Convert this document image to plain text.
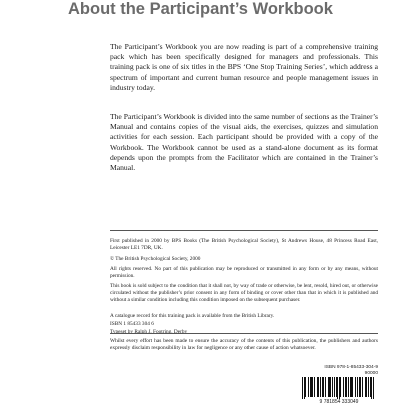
About the Participant’s Workbook

The Participant’s Workbook you are now reading is part of a comprehensive training pack which has been specifically designed for managers and professionals. This training pack is one of six titles in the BPS ‘One Stop Training Series’, which address a spectrum of important and current human resource and people management issues in industry today.

The Participant’s Workbook is divided into the same number of sections as the Trainer’s Manual and contains copies of the visual aids, the exercises, quizzes and simulation activities for each session. Each participant should be provided with a copy of the Workbook. The Workbook cannot be used as a stand-alone document as its format depends upon the prompts from the Facilitator which are contained in the Trainer’s Manual.

First published in 2000 by BPS Books (The British Psychological Society), St Andrews House, 48 Princess Road East, Leicester LE1 7DR, UK.

© The British Psychological Society, 2000

All rights reserved. No part of this publication may be reproduced or transmitted in any form or by any means, without permission.

This book is sold subject to the condition that it shall not, by way of trade or otherwise, be lent, resold, hired out, or otherwise circulated without the publisher’s prior consent in any form of binding or cover other than that in which it is published and without a similar condition including this condition imposed on the subsequent purchaser.

A catalogue record for this training pack is available from the British Library.

ISBN 1 85433 304 6

Typeset by Ralph J. Footring, Derby

Whilst every effort has been made to ensure the accuracy of the contents of this publication, the publishers and authors expressly disclaim responsibility in law for negligence or any other cause of action whatsoever.

ISBN 978-1-85433-304-9
90000
9 781854 333049
